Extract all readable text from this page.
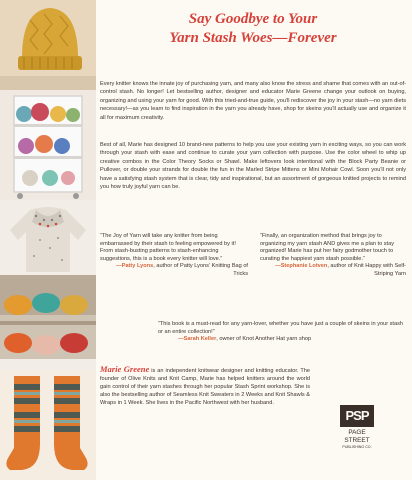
Say Goodbye to Your
Yarn Stash Woes—Forever
Every knitter knows the innate joy of purchasing yarn, and many also know the stress and shame that comes with an out-of-control stash. No longer! Let bestselling author, designer and educator Marie Greene change your outlook on buying, organizing and using your yarn for good. With this tried-and-true guide, you'll rediscover the joy in your stash—no yarn diets necessary!—as you learn to find inspiration in the yarn you already have, shop for skeins you'll actually use and organize it all for maximum creativity.
Best of all, Marie has designed 10 brand-new patterns to help you use your existing yarn in exciting ways, so you can work through your stash with ease and continue to curate your yarn collection with purpose. Use the color wheel to whip up creative combos in the Color Theory Socks or Shawl. Make leftovers look intentional with the Block Party Beanie or Pullover, or double your strands for double the fun in the Marled Stripe Mittens or Mini Mohair Cowl. Soon you'll not only have a satisfying stash system that is clear, tidy and inspirational, but an assortment of gorgeous knitted projects to remind you how truly joyful yarn can be.
“The Joy of Yarn will take any knitter from being embarrassed by their stash to feeling empowered by it! From stash-busting patterns to stash-enhancing suggestions, this is a book every knitter will love.”
—Patty Lyons, author of Patty Lyons' Knitting Bag of Tricks
“Finally, an organization method that brings joy to organizing my yarn stash AND gives me a plan to stay organized! Marie has put her fairy godmother touch to curating the happiest yarn stash possible.”
—Stephanie Lotven, author of Knit Happy with Self-Striping Yarn
“This book is a must-read for any yarn-lover, whether you have just a couple of skeins in your stash or an entire collection!”
—Sarah Keller, owner of Knot Another Hat yarn shop
Marie Greene is an independent knitwear designer and knitting educator. The founder of Olive Knits and Knit Camp, Marie has helped knitters around the world gain control of their yarn stashes through her popular Stash Sprint workshop. She is also the bestselling author of Seamless Knit Sweaters in 2 Weeks and Knit Shawls & Wraps in 1 Week. She lives in the Pacific Northwest with her husband.
PSP
PAGE STREET
PUBLISHING CO.
